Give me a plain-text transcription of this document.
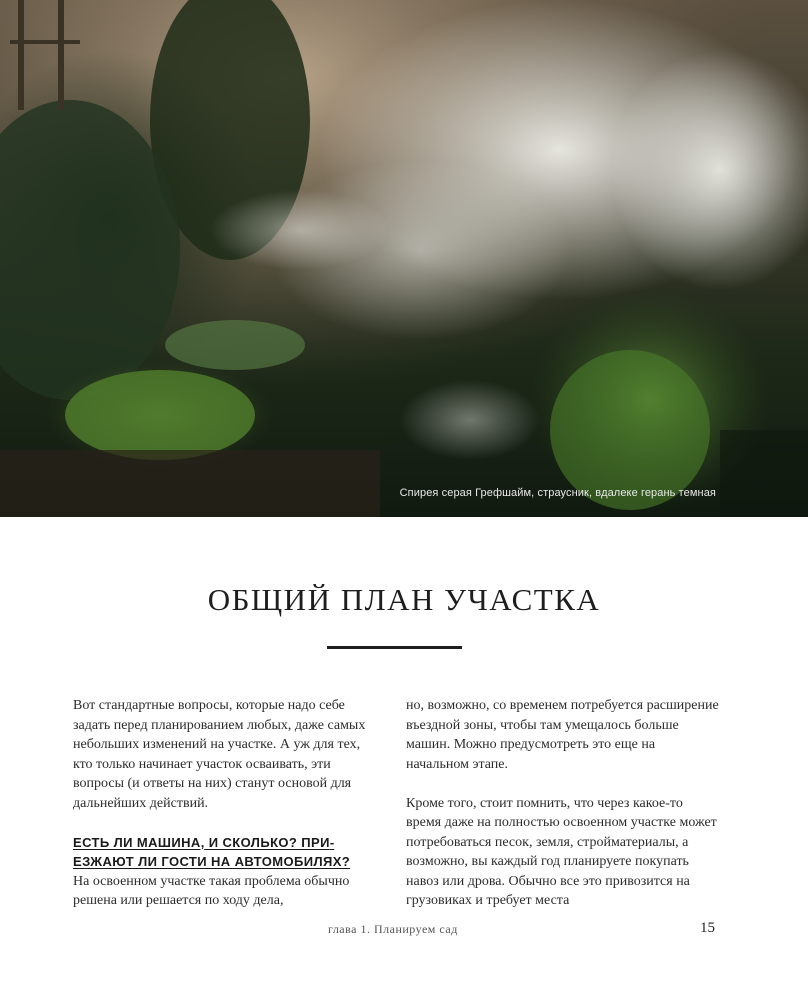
Спирея серая Грефшайм, страусник, вдалеке герань темная
ОБЩИЙ ПЛАН УЧАСТКА

Вот стандартные вопросы, которые надо себе задать перед планированием любых, даже самых небольших изменений на участке. А уж для тех, кто только начинает участок осваивать, эти вопросы (и ответы на них) станут основой для дальнейших действий.

ЕСТЬ ЛИ МАШИНА, И СКОЛЬКО? ПРИЕЗЖАЮТ ЛИ ГОСТИ НА АВТОМОБИЛЯХ?

На освоенном участке такая проблема обычно решена или решается по ходу дела,

но, возможно, со временем потребуется расширение въездной зоны, чтобы там умещалось больше машин. Можно предусмотреть это еще на начальном этапе.

Кроме того, стоит помнить, что через какое-то время даже на полностью освоенном участке может потребоваться песок, земля, стройматериалы, а возможно, вы каждый год планируете покупать навоз или дрова. Обычно все это привозится на грузовиках и требует места

глава 1. Планируем сад	15
